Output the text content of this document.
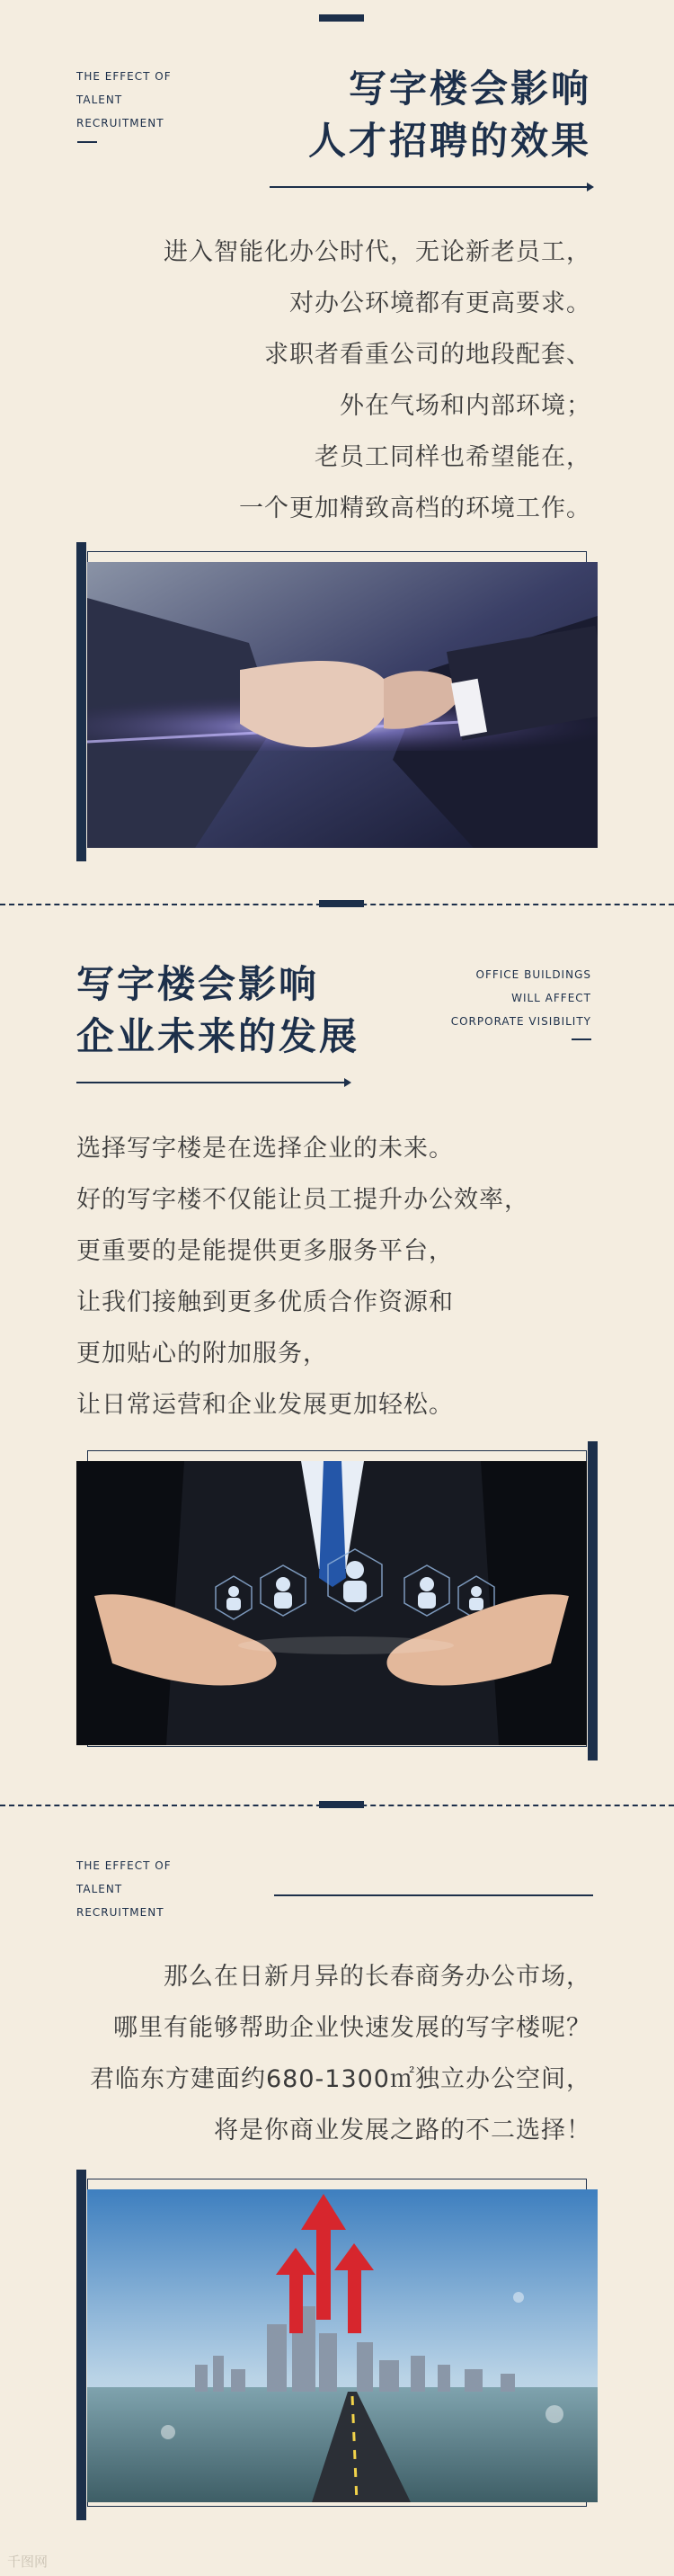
THE EFFECT OF
TALENT
RECRUITMENT
写字楼会影响
人才招聘的效果
进入智能化办公时代，无论新老员工，
对办公环境都有更高要求。
求职者看重公司的地段配套、
外在气场和内部环境；
老员工同样也希望能在，
一个更加精致高档的环境工作。
写字楼会影响
企业未来的发展
OFFICE BUILDINGS
WILL AFFECT
CORPORATE VISIBILITY
选择写字楼是在选择企业的未来。
好的写字楼不仅能让员工提升办公效率，
更重要的是能提供更多服务平台，
让我们接触到更多优质合作资源和
更加贴心的附加服务，
让日常运营和企业发展更加轻松。
THE EFFECT OF
TALENT
RECRUITMENT
那么在日新月异的长春商务办公市场，
哪里有能够帮助企业快速发展的写字楼呢？
君临东方建面约680-1300㎡独立办公空间，
将是你商业发展之路的不二选择！
千图网
